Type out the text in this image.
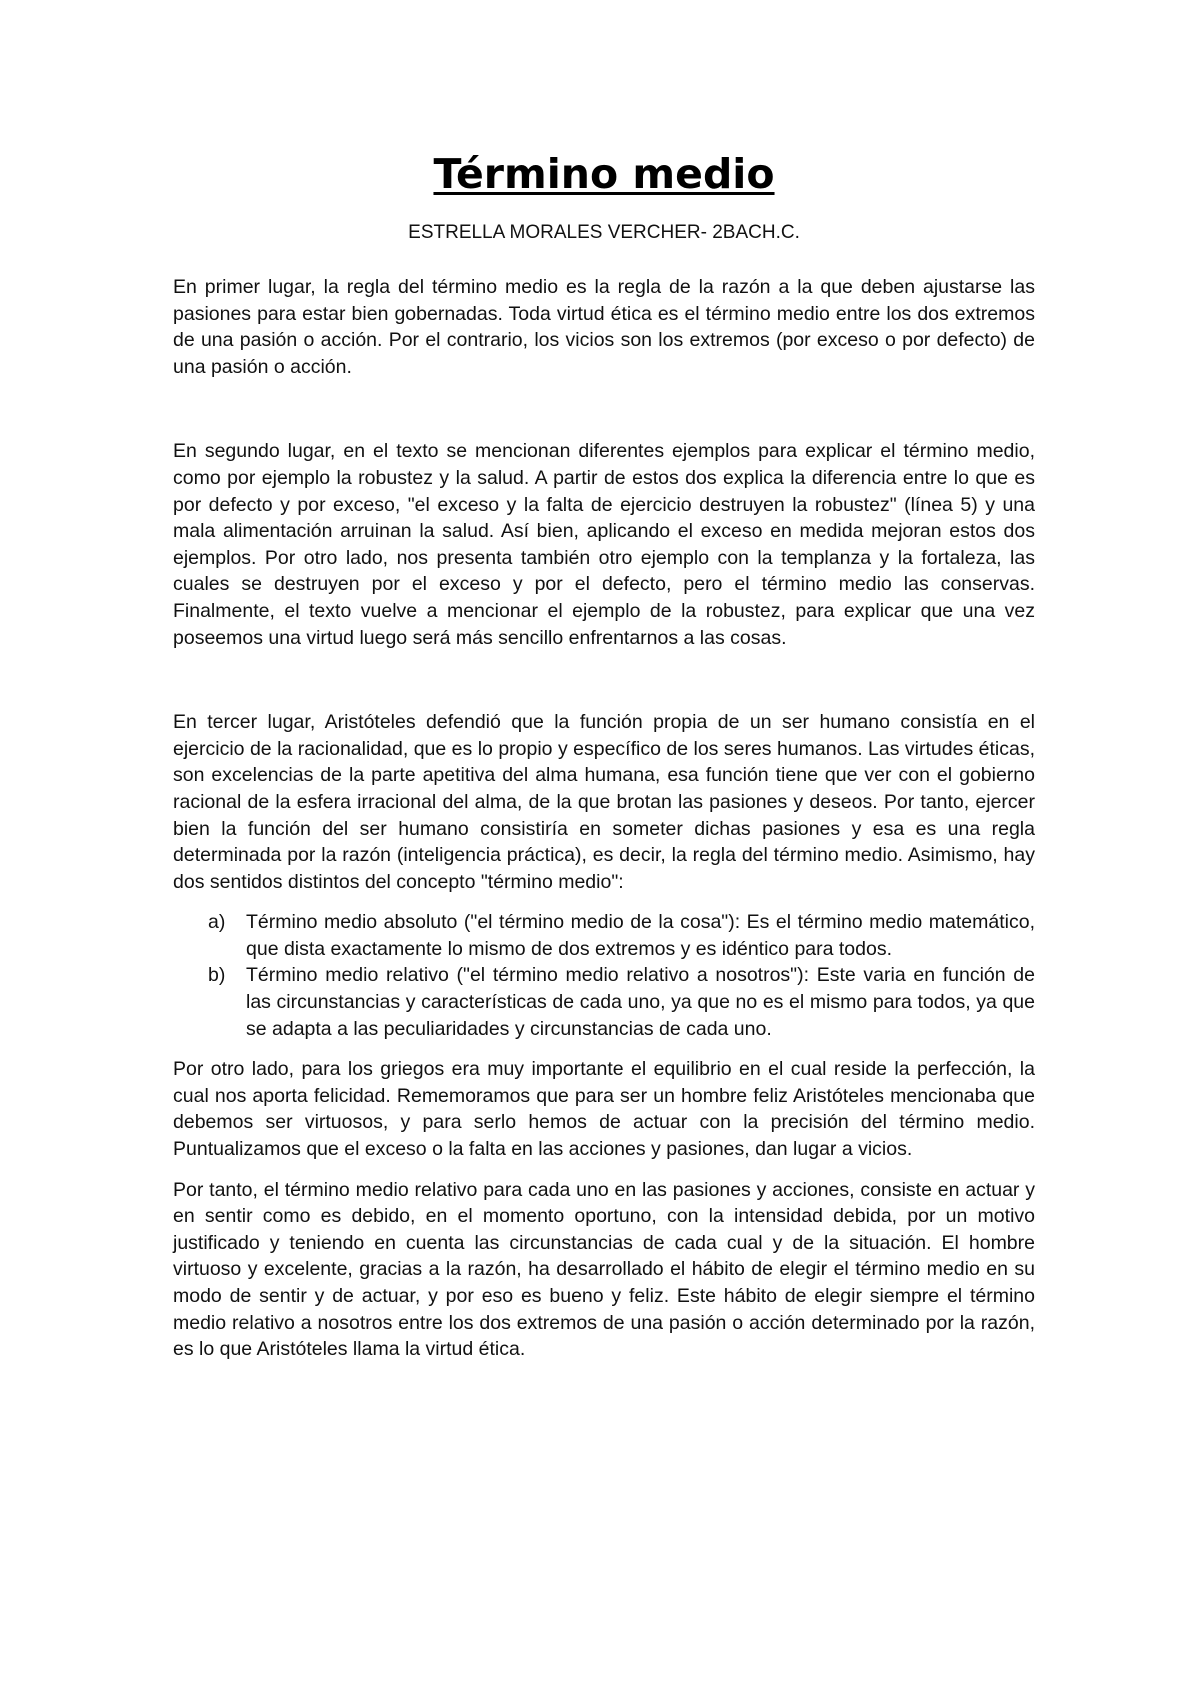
Término medio

ESTRELLA MORALES VERCHER- 2BACH.C.

En primer lugar, la regla del término medio es la regla de la razón a la que deben ajustarse las pasiones para estar bien gobernadas. Toda virtud ética es el término medio entre los dos extremos de una pasión o acción. Por el contrario, los vicios son los extremos (por exceso o por defecto) de una pasión o acción.

En segundo lugar, en el texto se mencionan diferentes ejemplos para explicar el término medio, como por ejemplo la robustez y la salud. A partir de estos dos explica la diferencia entre lo que es por defecto y por exceso, "el exceso y la falta de ejercicio destruyen la robustez" (línea 5) y una mala alimentación arruinan la salud. Así bien, aplicando el exceso en medida mejoran estos dos ejemplos. Por otro lado, nos presenta también otro ejemplo con la templanza y la fortaleza, las cuales se destruyen por el exceso y por el defecto, pero el término medio las conservas. Finalmente, el texto vuelve a mencionar el ejemplo de la robustez, para explicar que una vez poseemos una virtud luego será más sencillo enfrentarnos a las cosas.

En tercer lugar, Aristóteles defendió que la función propia de un ser humano consistía en el ejercicio de la racionalidad, que es lo propio y específico de los seres humanos. Las virtudes éticas, son excelencias de la parte apetitiva del alma humana, esa función tiene que ver con el gobierno racional de la esfera irracional del alma, de la que brotan las pasiones y deseos. Por tanto, ejercer bien la función del ser humano consistiría en someter dichas pasiones y esa es una regla determinada por la razón (inteligencia práctica), es decir, la regla del término medio. Asimismo, hay dos sentidos distintos del concepto "término medio":

a) Término medio absoluto ("el término medio de la cosa"): Es el término medio matemático, que dista exactamente lo mismo de dos extremos y es idéntico para todos.
b) Término medio relativo ("el término medio relativo a nosotros"): Este varia en función de las circunstancias y características de cada uno, ya que no es el mismo para todos, ya que se adapta a las peculiaridades y circunstancias de cada uno.

Por otro lado, para los griegos era muy importante el equilibrio en el cual reside la perfección, la cual nos aporta felicidad. Rememoramos que para ser un hombre feliz Aristóteles mencionaba que debemos ser virtuosos, y para serlo hemos de actuar con la precisión del término medio. Puntualizamos que el exceso o la falta en las acciones y pasiones, dan lugar a vicios.

Por tanto, el término medio relativo para cada uno en las pasiones y acciones, consiste en actuar y en sentir como es debido, en el momento oportuno, con la intensidad debida, por un motivo justificado y teniendo en cuenta las circunstancias de cada cual y de la situación. El hombre virtuoso y excelente, gracias a la razón, ha desarrollado el hábito de elegir el término medio en su modo de sentir y de actuar, y por eso es bueno y feliz. Este hábito de elegir siempre el término medio relativo a nosotros entre los dos extremos de una pasión o acción determinado por la razón, es lo que Aristóteles llama la virtud ética.
